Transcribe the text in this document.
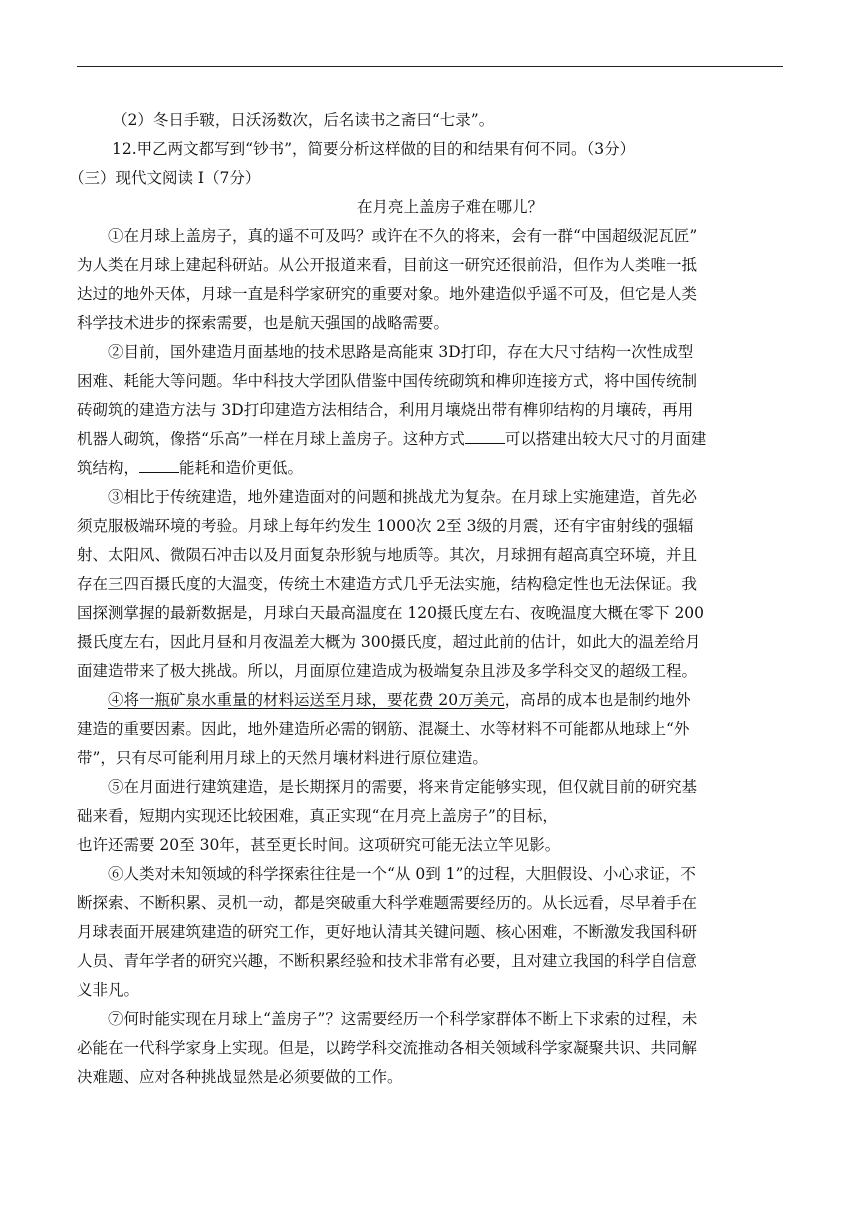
（2）冬日手皲，日沃汤数次，后名读书之斋曰“七录”。
12.甲乙两文都写到“钞书”，简要分析这样做的目的和结果有何不同。（3分）
（三）现代文阅读 Ⅰ（7分）
在月亮上盖房子难在哪儿？
①在月球上盖房子，真的遥不可及吗？或许在不久的将来，会有一群“中国超级泥瓦匠”
为人类在月球上建起科研站。从公开报道来看，目前这一研究还很前沿，但作为人类唯一抵
达过的地外天体，月球一直是科学家研究的重要对象。地外建造似乎遥不可及，但它是人类
科学技术进步的探索需要，也是航天强国的战略需要。
②目前，国外建造月面基地的技术思路是高能束 3D打印，存在大尺寸结构一次性成型
困难、耗能大等问题。华中科技大学团队借鉴中国传统砌筑和榫卯连接方式，将中国传统制
砖砌筑的建造方法与 3D打印建造方法相结合，利用月壤烧出带有榫卯结构的月壤砖，再用
机器人砌筑，像搭“乐高”一样在月球上盖房子。这种方式	可以搭建出较大尺寸的月面建
筑结构，	能耗和造价更低。
③相比于传统建造，地外建造面对的问题和挑战尤为复杂。在月球上实施建造，首先必
须克服极端环境的考验。月球上每年约发生 1000次 2至 3级的月震，还有宇宙射线的强辐
射、太阳风、微陨石冲击以及月面复杂形貌与地质等。其次，月球拥有超高真空环境，并且
存在三四百摄氏度的大温变，传统土木建造方式几乎无法实施，结构稳定性也无法保证。我
国探测掌握的最新数据是，月球白天最高温度在 120摄氏度左右、夜晚温度大概在零下 200
摄氏度左右，因此月昼和月夜温差大概为 300摄氏度，超过此前的估计，如此大的温差给月
面建造带来了极大挑战。所以，月面原位建造成为极端复杂且涉及多学科交叉的超级工程。
④将一瓶矿泉水重量的材料运送至月球，要花费 20万美元，高昂的成本也是制约地外
建造的重要因素。因此，地外建造所必需的钢筋、混凝土、水等材料不可能都从地球上“外
带”，只有尽可能利用月球上的天然月壤材料进行原位建造。
⑤在月面进行建筑建造，是长期探月的需要，将来肯定能够实现，但仅就目前的研究基
础来看，短期内实现还比较困难，真正实现“在月亮上盖房子”的目标，
也许还需要 20至 30年，甚至更长时间。这项研究可能无法立竿见影。
⑥人类对未知领域的科学探索往往是一个“从 0到 1”的过程，大胆假设、小心求证，不
断探索、不断积累、灵机一动，都是突破重大科学难题需要经历的。从长远看，尽早着手在
月球表面开展建筑建造的研究工作，更好地认清其关键问题、核心困难，不断激发我国科研
人员、青年学者的研究兴趣，不断积累经验和技术非常有必要，且对建立我国的科学自信意
义非凡。
⑦何时能实现在月球上“盖房子”？这需要经历一个科学家群体不断上下求索的过程，未
必能在一代科学家身上实现。但是，以跨学科交流推动各相关领域科学家凝聚共识、共同解
决难题、应对各种挑战显然是必须要做的工作。
